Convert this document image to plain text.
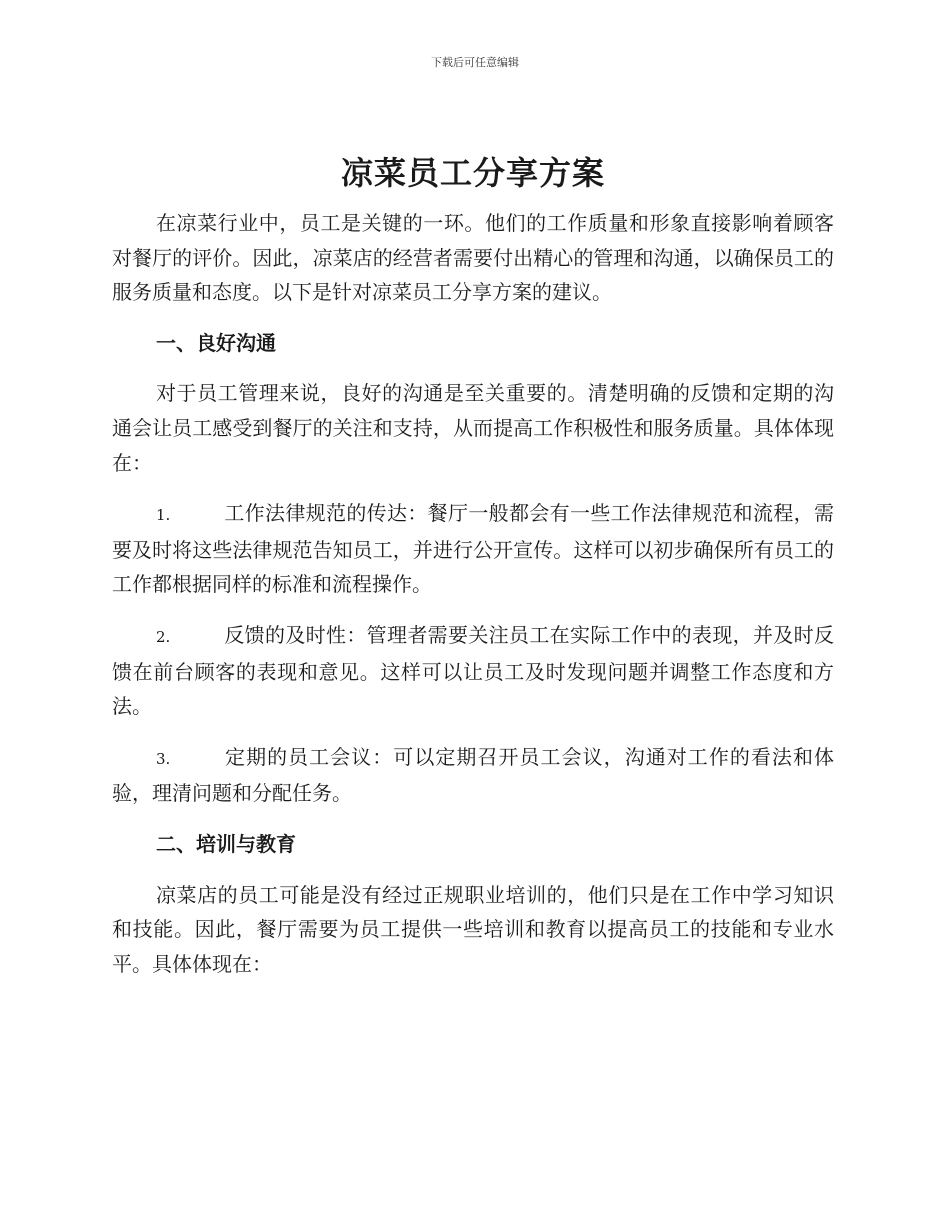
下载后可任意编辑
凉菜员工分享方案

在凉菜行业中，员工是关键的一环。他们的工作质量和形象直接影响着顾客对餐厅的评价。因此，凉菜店的经营者需要付出精心的管理和沟通，以确保员工的服务质量和态度。以下是针对凉菜员工分享方案的建议。

一、良好沟通

对于员工管理来说，良好的沟通是至关重要的。清楚明确的反馈和定期的沟通会让员工感受到餐厅的关注和支持，从而提高工作积极性和服务质量。具体体现在：

1.	工作法律规范的传达：餐厅一般都会有一些工作法律规范和流程，需要及时将这些法律规范告知员工，并进行公开宣传。这样可以初步确保所有员工的工作都根据同样的标准和流程操作。

2.	反馈的及时性：管理者需要关注员工在实际工作中的表现，并及时反馈在前台顾客的表现和意见。这样可以让员工及时发现问题并调整工作态度和方法。

3.	定期的员工会议：可以定期召开员工会议，沟通对工作的看法和体验，理清问题和分配任务。

二、培训与教育

凉菜店的员工可能是没有经过正规职业培训的，他们只是在工作中学习知识和技能。因此，餐厅需要为员工提供一些培训和教育以提高员工的技能和专业水平。具体体现在：
